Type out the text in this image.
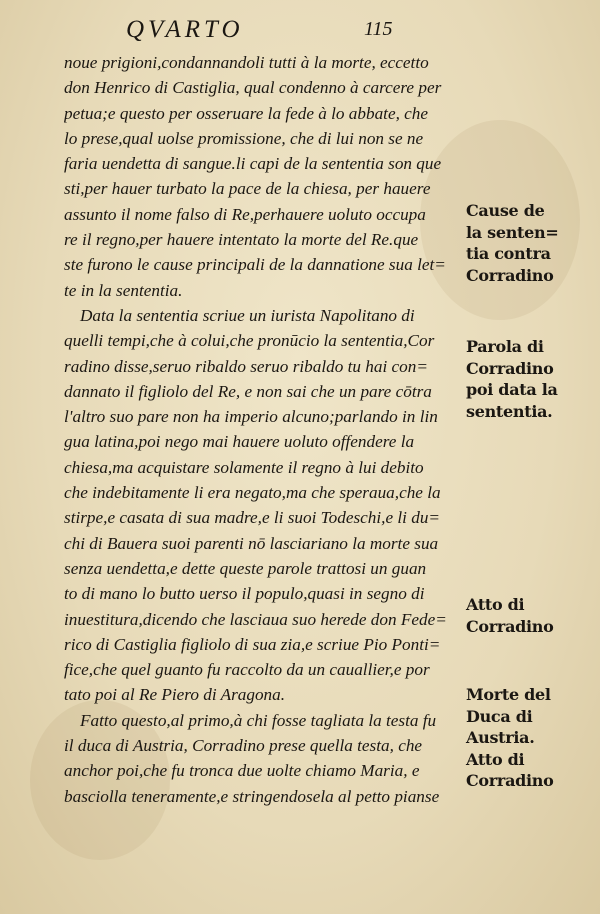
QVARTO	115
noue prigioni,condannandoli tutti à la morte, eccetto
don Henrico di Castiglia, qual condenno à carcere per
petua;e questo per osseruare la fede à lo abbate, che
lo prese,qual uolse promissione, che di lui non se ne
faria uendetta di sangue.li capi de la sententia son que
sti,per hauer turbato la pace de la chiesa, per hauere
assunto il nome falso di Re,perhauere uoluto occupa
re il regno,per hauere intentato la morte del Re.que
ste furono le cause principali de la dannatione sua let=
te in la sententia.
Data la sententia scriue un iurista Napolitano di
quelli tempi,che à colui,che pronūcio la sententia,Cor
radino disse,seruo ribaldo seruo ribaldo tu hai con=
dannato il figliolo del Re, e non sai che un pare cōtra
l'altro suo pare non ha imperio alcuno;parlando in lin
gua latina,poi nego mai hauere uoluto offendere la
chiesa,ma acquistare solamente il regno à lui debito
che indebitamente li era negato,ma che speraua,che la
stirpe,e casata di sua madre,e li suoi Todeschi,e li du=
chi di Bauera suoi parenti nō lasciariano la morte sua
senza uendetta,e dette queste parole trattosi un guan
to di mano lo butto uerso il populo,quasi in segno di
inuestitura,dicendo che lasciaua suo herede don Fede=
rico di Castiglia figliolo di sua zia,e scriue Pio Ponti=
fice,che quel guanto fu raccolto da un cauallier,e por
tato poi al Re Piero di Aragona.
Fatto questo,al primo,à chi fosse tagliata la testa fu
il duca di Austria, Corradino prese quella testa, che
anchor poi,che fu tronca due uolte chiamo Maria, e
basciolla teneramente,e stringendosela al petto pianse
Cause de
la senten=
tia contra
Corradino
Parola di
Corradino
poi data la
sententia.
Atto di
Corradino
Morte del
Duca di
Austria.
Atto di
Corradino
